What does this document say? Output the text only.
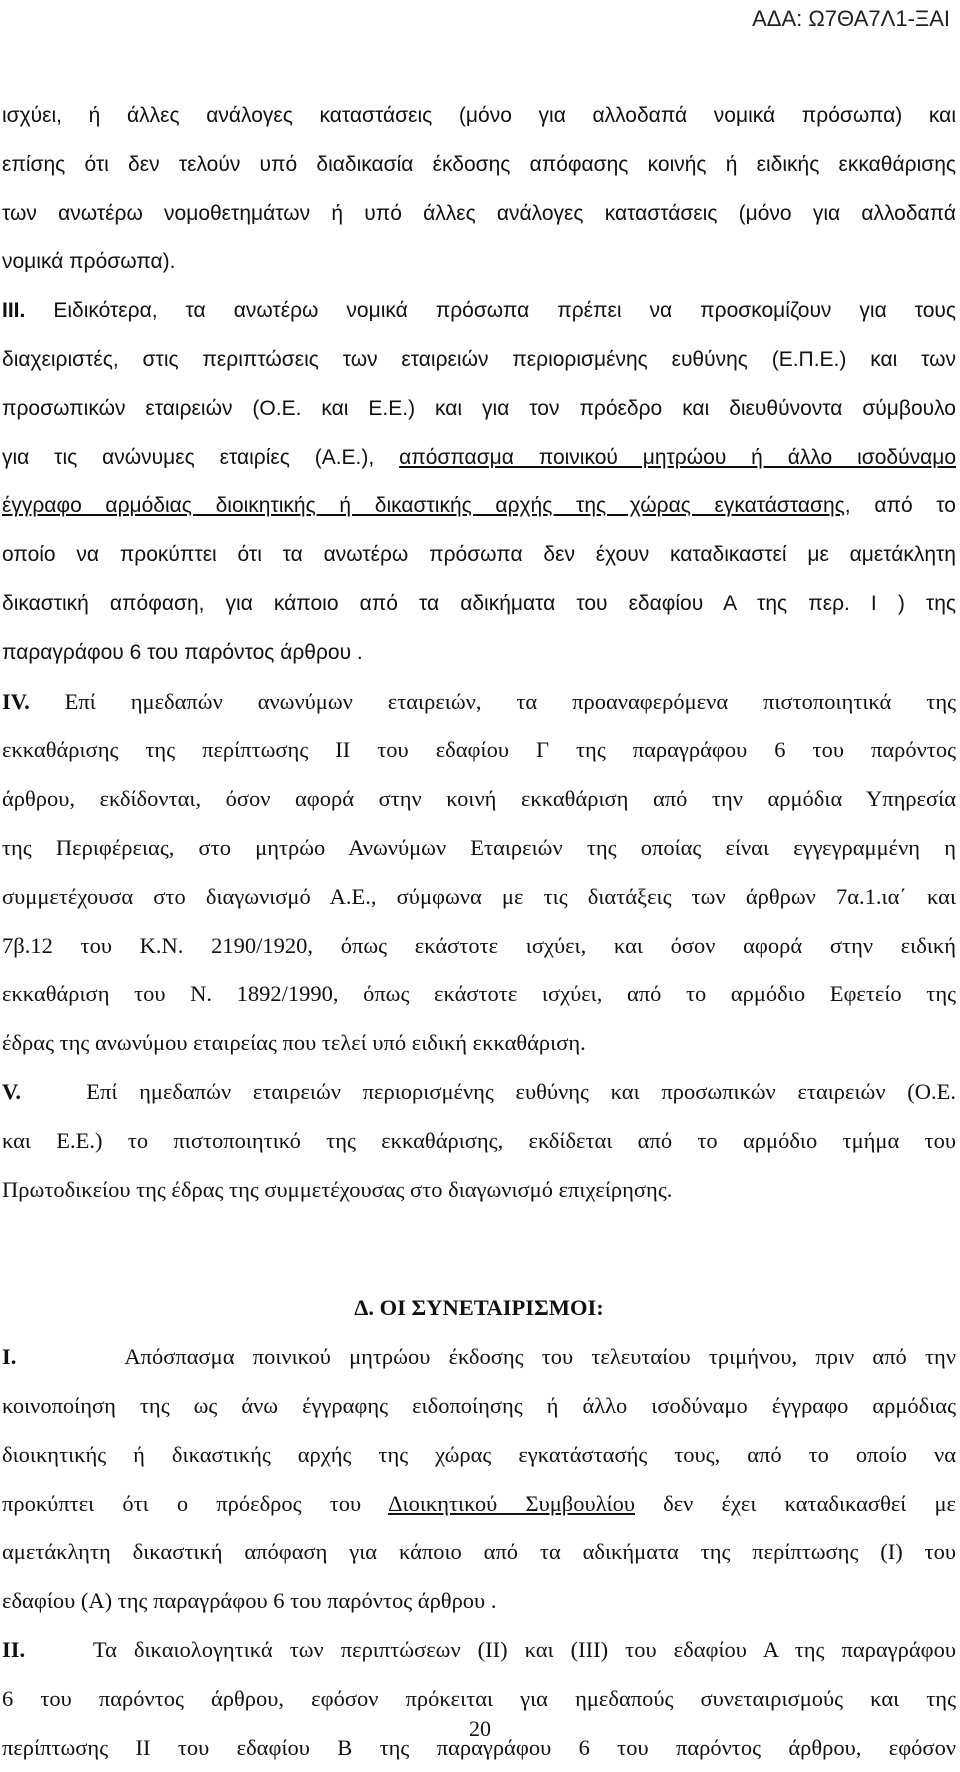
ΑΔΑ: Ω7ΘΑ7Λ1-ΞΑΙ
ισχύει, ή άλλες ανάλογες καταστάσεις (μόνο για αλλοδαπά νομικά πρόσωπα) και
επίσης ότι δεν τελούν υπό διαδικασία έκδοσης απόφασης κοινής ή ειδικής εκκαθάρισης
των ανωτέρω νομοθετημάτων ή υπό άλλες ανάλογες καταστάσεις (μόνο για αλλοδαπά
νομικά πρόσωπα).
ΙΙΙ. Ειδικότερα, τα ανωτέρω νομικά πρόσωπα πρέπει να προσκομίζουν για τους
διαχειριστές, στις περιπτώσεις των εταιρειών περιορισμένης ευθύνης (Ε.Π.Ε.) και των
προσωπικών εταιρειών (Ο.Ε. και Ε.Ε.) και για τον πρόεδρο και διευθύνοντα σύμβουλο
για τις ανώνυμες εταιρίες (Α.Ε.), απόσπασμα ποινικού μητρώου ή άλλο ισοδύναμο
έγγραφο αρμόδιας διοικητικής ή δικαστικής αρχής της χώρας εγκατάστασης, από το
οποίο να προκύπτει ότι τα ανωτέρω πρόσωπα δεν έχουν καταδικαστεί με αμετάκλητη
δικαστική απόφαση, για κάποιο από τα αδικήματα του εδαφίου Α της περ. Ι ) της
παραγράφου 6 του παρόντος άρθρου .
IV. Επί ημεδαπών ανωνύμων εταιρειών, τα προαναφερόμενα πιστοποιητικά της
εκκαθάρισης της περίπτωσης ΙΙ του εδαφίου Γ της παραγράφου 6 του παρόντος
άρθρου, εκδίδονται, όσον αφορά στην κοινή εκκαθάριση από την αρμόδια Υπηρεσία
της Περιφέρειας, στο μητρώο Ανωνύμων Εταιρειών της οποίας είναι εγγεγραμμένη η
συμμετέχουσα στο διαγωνισμό Α.Ε., σύμφωνα με τις διατάξεις των άρθρων 7α.1.ια΄ και
7β.12 του Κ.Ν. 2190/1920, όπως εκάστοτε ισχύει, και όσον αφορά στην ειδική
εκκαθάριση του Ν. 1892/1990, όπως εκάστοτε ισχύει, από το αρμόδιο Εφετείο της
έδρας της ανωνύμου εταιρείας που τελεί υπό ειδική εκκαθάριση.
V.	Επί ημεδαπών εταιρειών περιορισμένης ευθύνης και προσωπικών εταιρειών (Ο.Ε.
και Ε.Ε.) το πιστοποιητικό της εκκαθάρισης, εκδίδεται από το αρμόδιο τμήμα του
Πρωτοδικείου της έδρας της συμμετέχουσας στο διαγωνισμό επιχείρησης.
Δ. ΟΙ ΣΥΝΕΤΑΙΡΙΣΜΟΙ:
Ι.	Απόσπασμα ποινικού μητρώου έκδοσης του τελευταίου τριμήνου, πριν από την
κοινοποίηση της ως άνω έγγραφης ειδοποίησης ή άλλο ισοδύναμο έγγραφο αρμόδιας
διοικητικής ή δικαστικής αρχής της χώρας εγκατάστασής τους, από το οποίο να
προκύπτει ότι ο πρόεδρος του Διοικητικού Συμβουλίου δεν έχει καταδικασθεί με
αμετάκλητη δικαστική απόφαση για κάποιο από τα αδικήματα της περίπτωσης (Ι) του
εδαφίου (Α) της παραγράφου 6 του παρόντος άρθρου .
ΙΙ.	Τα δικαιολογητικά των περιπτώσεων (ΙΙ) και (ΙΙΙ) του εδαφίου Α της παραγράφου
6 του παρόντος άρθρου, εφόσον πρόκειται για ημεδαπούς συνεταιρισμούς και της
περίπτωσης ΙΙ του εδαφίου Β της παραγράφου 6 του παρόντος άρθρου, εφόσον
20
